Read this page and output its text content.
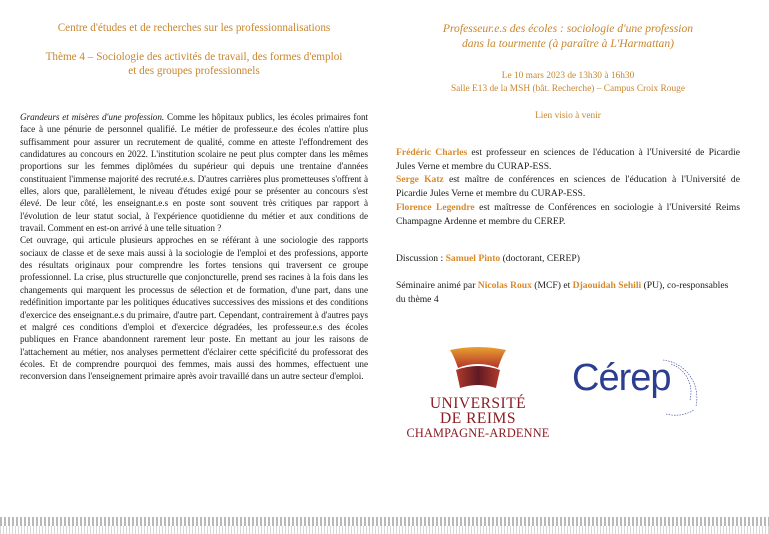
Centre d'études et de recherches sur les professionnalisations
Thème 4 – Sociologie des activités de travail, des formes d'emploi
et des groupes professionnels

Grandeurs et misères d'une profession. Comme les hôpitaux publics, les écoles primaires font face à une pénurie de personnel qualifié. Le métier de professeur.e des écoles n'attire plus suffisamment pour assurer un recrutement de qualité, comme en atteste l'effondrement des candidatures au concours en 2022. L'institution scolaire ne peut plus compter dans les mêmes proportions sur les femmes diplômées du supérieur qui depuis une trentaine d'années constituaient l'immense majorité des recruté.e.s. D'autres carrières plus prometteuses s'offrent à elles, alors que, parallèlement, le niveau d'études exigé pour se présenter au concours s'est élevé. De leur côté, les enseignant.e.s en poste sont souvent très critiques par rapport à l'évolution de leur statut social, à l'expérience quotidienne du métier et aux conditions de travail. Comment en est-on arrivé à une telle situation ?

Cet ouvrage, qui articule plusieurs approches en se référant à une sociologie des rapports sociaux de classe et de sexe mais aussi à la sociologie de l'emploi et des professions, apporte des résultats originaux pour comprendre les fortes tensions qui traversent ce groupe professionnel. La crise, plus structurelle que conjoncturelle, prend ses racines à la fois dans les changements qui marquent les processus de sélection et de formation, d'une part, dans une redéfinition importante par les politiques éducatives successives des missions et des conditions d'exercice des enseignant.e.s du primaire, d'autre part. Cependant, contrairement à d'autres pays et malgré ces conditions d'emploi et d'exercice dégradées, les professeur.e.s des écoles publiques en France abandonnent rarement leur poste. En mettant au jour les raisons de l'attachement au métier, nos analyses permettent d'éclairer cette spécificité du professorat des écoles. Et de comprendre pourquoi des femmes, mais aussi des hommes, effectuent une reconversion dans l'enseignement primaire après avoir travaillé dans un autre secteur d'emploi.

Professeur.e.s des écoles : sociologie d'une profession
dans la tourmente (à paraître à L'Harmattan)
Le 10 mars 2023 de 13h30 à 16h30
Salle E13 de la MSH (bât. Recherche) – Campus Croix Rouge
Lien visio à venir

Frédéric Charles est professeur en sciences de l'éducation à l'Université de Picardie Jules Verne et membre du CURAP-ESS.

Serge Katz est maître de conférences en sciences de l'éducation à l'Université de Picardie Jules Verne et membre du CURAP-ESS.

Florence Legendre est maîtresse de Conférences en sociologie à l'Université Reims Champagne Ardenne et membre du CEREP.

Discussion : Samuel Pinto (doctorant, CEREP)
Séminaire animé par Nicolas Roux (MCF) et Djaouidah Sehili (PU), co-responsables du thème 4
UNIVERSITÉ
DE REIMS
CHAMPAGNE-ARDENNE
Cérep
